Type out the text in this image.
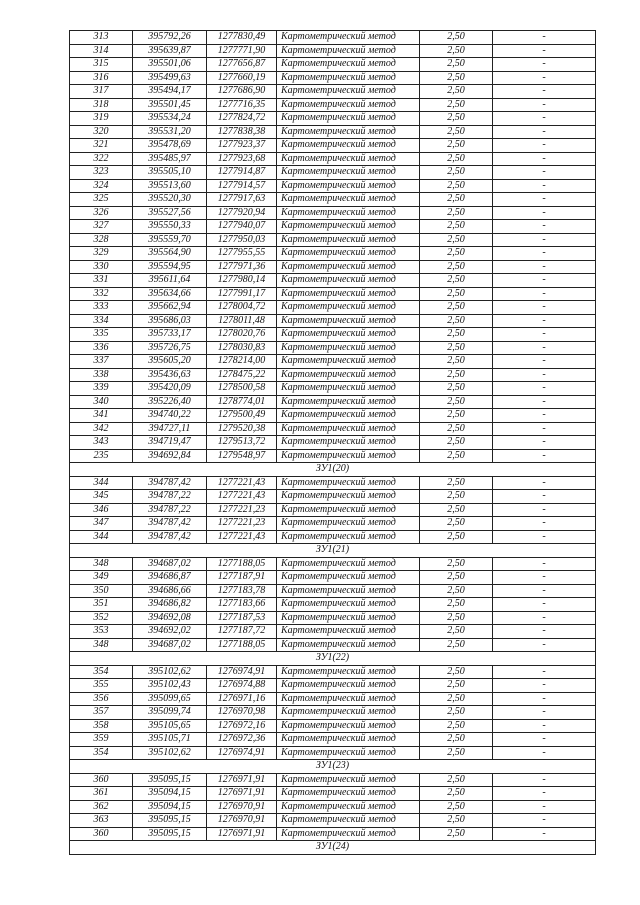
313	395792,26	1277830,49	Картометрический метод	2,50	-
314	395639,87	1277771,90	Картометрический метод	2,50	-
315	395501,06	1277656,87	Картометрический метод	2,50	-
316	395499,63	1277660,19	Картометрический метод	2,50	-
317	395494,17	1277686,90	Картометрический метод	2,50	-
318	395501,45	1277716,35	Картометрический метод	2,50	-
319	395534,24	1277824,72	Картометрический метод	2,50	-
320	395531,20	1277838,38	Картометрический метод	2,50	-
321	395478,69	1277923,37	Картометрический метод	2,50	-
322	395485,97	1277923,68	Картометрический метод	2,50	-
323	395505,10	1277914,87	Картометрический метод	2,50	-
324	395513,60	1277914,57	Картометрический метод	2,50	-
325	395520,30	1277917,63	Картометрический метод	2,50	-
326	395527,56	1277920,94	Картометрический метод	2,50	-
327	395550,33	1277940,07	Картометрический метод	2,50	-
328	395559,70	1277950,03	Картометрический метод	2,50	-
329	395564,90	1277955,55	Картометрический метод	2,50	-
330	395594,95	1277971,36	Картометрический метод	2,50	-
331	395611,64	1277980,14	Картометрический метод	2,50	-
332	395634,66	1277991,17	Картометрический метод	2,50	-
333	395662,94	1278004,72	Картометрический метод	2,50	-
334	395686,03	1278011,48	Картометрический метод	2,50	-
335	395733,17	1278020,76	Картометрический метод	2,50	-
336	395726,75	1278030,83	Картометрический метод	2,50	-
337	395605,20	1278214,00	Картометрический метод	2,50	-
338	395436,63	1278475,22	Картометрический метод	2,50	-
339	395420,09	1278500,58	Картометрический метод	2,50	-
340	395226,40	1278774,01	Картометрический метод	2,50	-
341	394740,22	1279500,49	Картометрический метод	2,50	-
342	394727,11	1279520,38	Картометрический метод	2,50	-
343	394719,47	1279513,72	Картометрический метод	2,50	-
235	394692,84	1279548,97	Картометрический метод	2,50	-
ЗУ1(20)					
344	394787,42	1277221,43	Картометрический метод	2,50	-
345	394787,22	1277221,43	Картометрический метод	2,50	-
346	394787,22	1277221,23	Картометрический метод	2,50	-
347	394787,42	1277221,23	Картометрический метод	2,50	-
344	394787,42	1277221,43	Картометрический метод	2,50	-
ЗУ1(21)					
348	394687,02	1277188,05	Картометрический метод	2,50	-
349	394686,87	1277187,91	Картометрический метод	2,50	-
350	394686,66	1277183,78	Картометрический метод	2,50	-
351	394686,82	1277183,66	Картометрический метод	2,50	-
352	394692,08	1277187,53	Картометрический метод	2,50	-
353	394692,02	1277187,72	Картометрический метод	2,50	-
348	394687,02	1277188,05	Картометрический метод	2,50	-
ЗУ1(22)					
354	395102,62	1276974,91	Картометрический метод	2,50	-
355	395102,43	1276974,88	Картометрический метод	2,50	-
356	395099,65	1276971,16	Картометрический метод	2,50	-
357	395099,74	1276970,98	Картометрический метод	2,50	-
358	395105,65	1276972,16	Картометрический метод	2,50	-
359	395105,71	1276972,36	Картометрический метод	2,50	-
354	395102,62	1276974,91	Картометрический метод	2,50	-
ЗУ1(23)					
360	395095,15	1276971,91	Картометрический метод	2,50	-
361	395094,15	1276971,91	Картометрический метод	2,50	-
362	395094,15	1276970,91	Картометрический метод	2,50	-
363	395095,15	1276970,91	Картометрический метод	2,50	-
360	395095,15	1276971,91	Картометрический метод	2,50	-
ЗУ1(24)					
